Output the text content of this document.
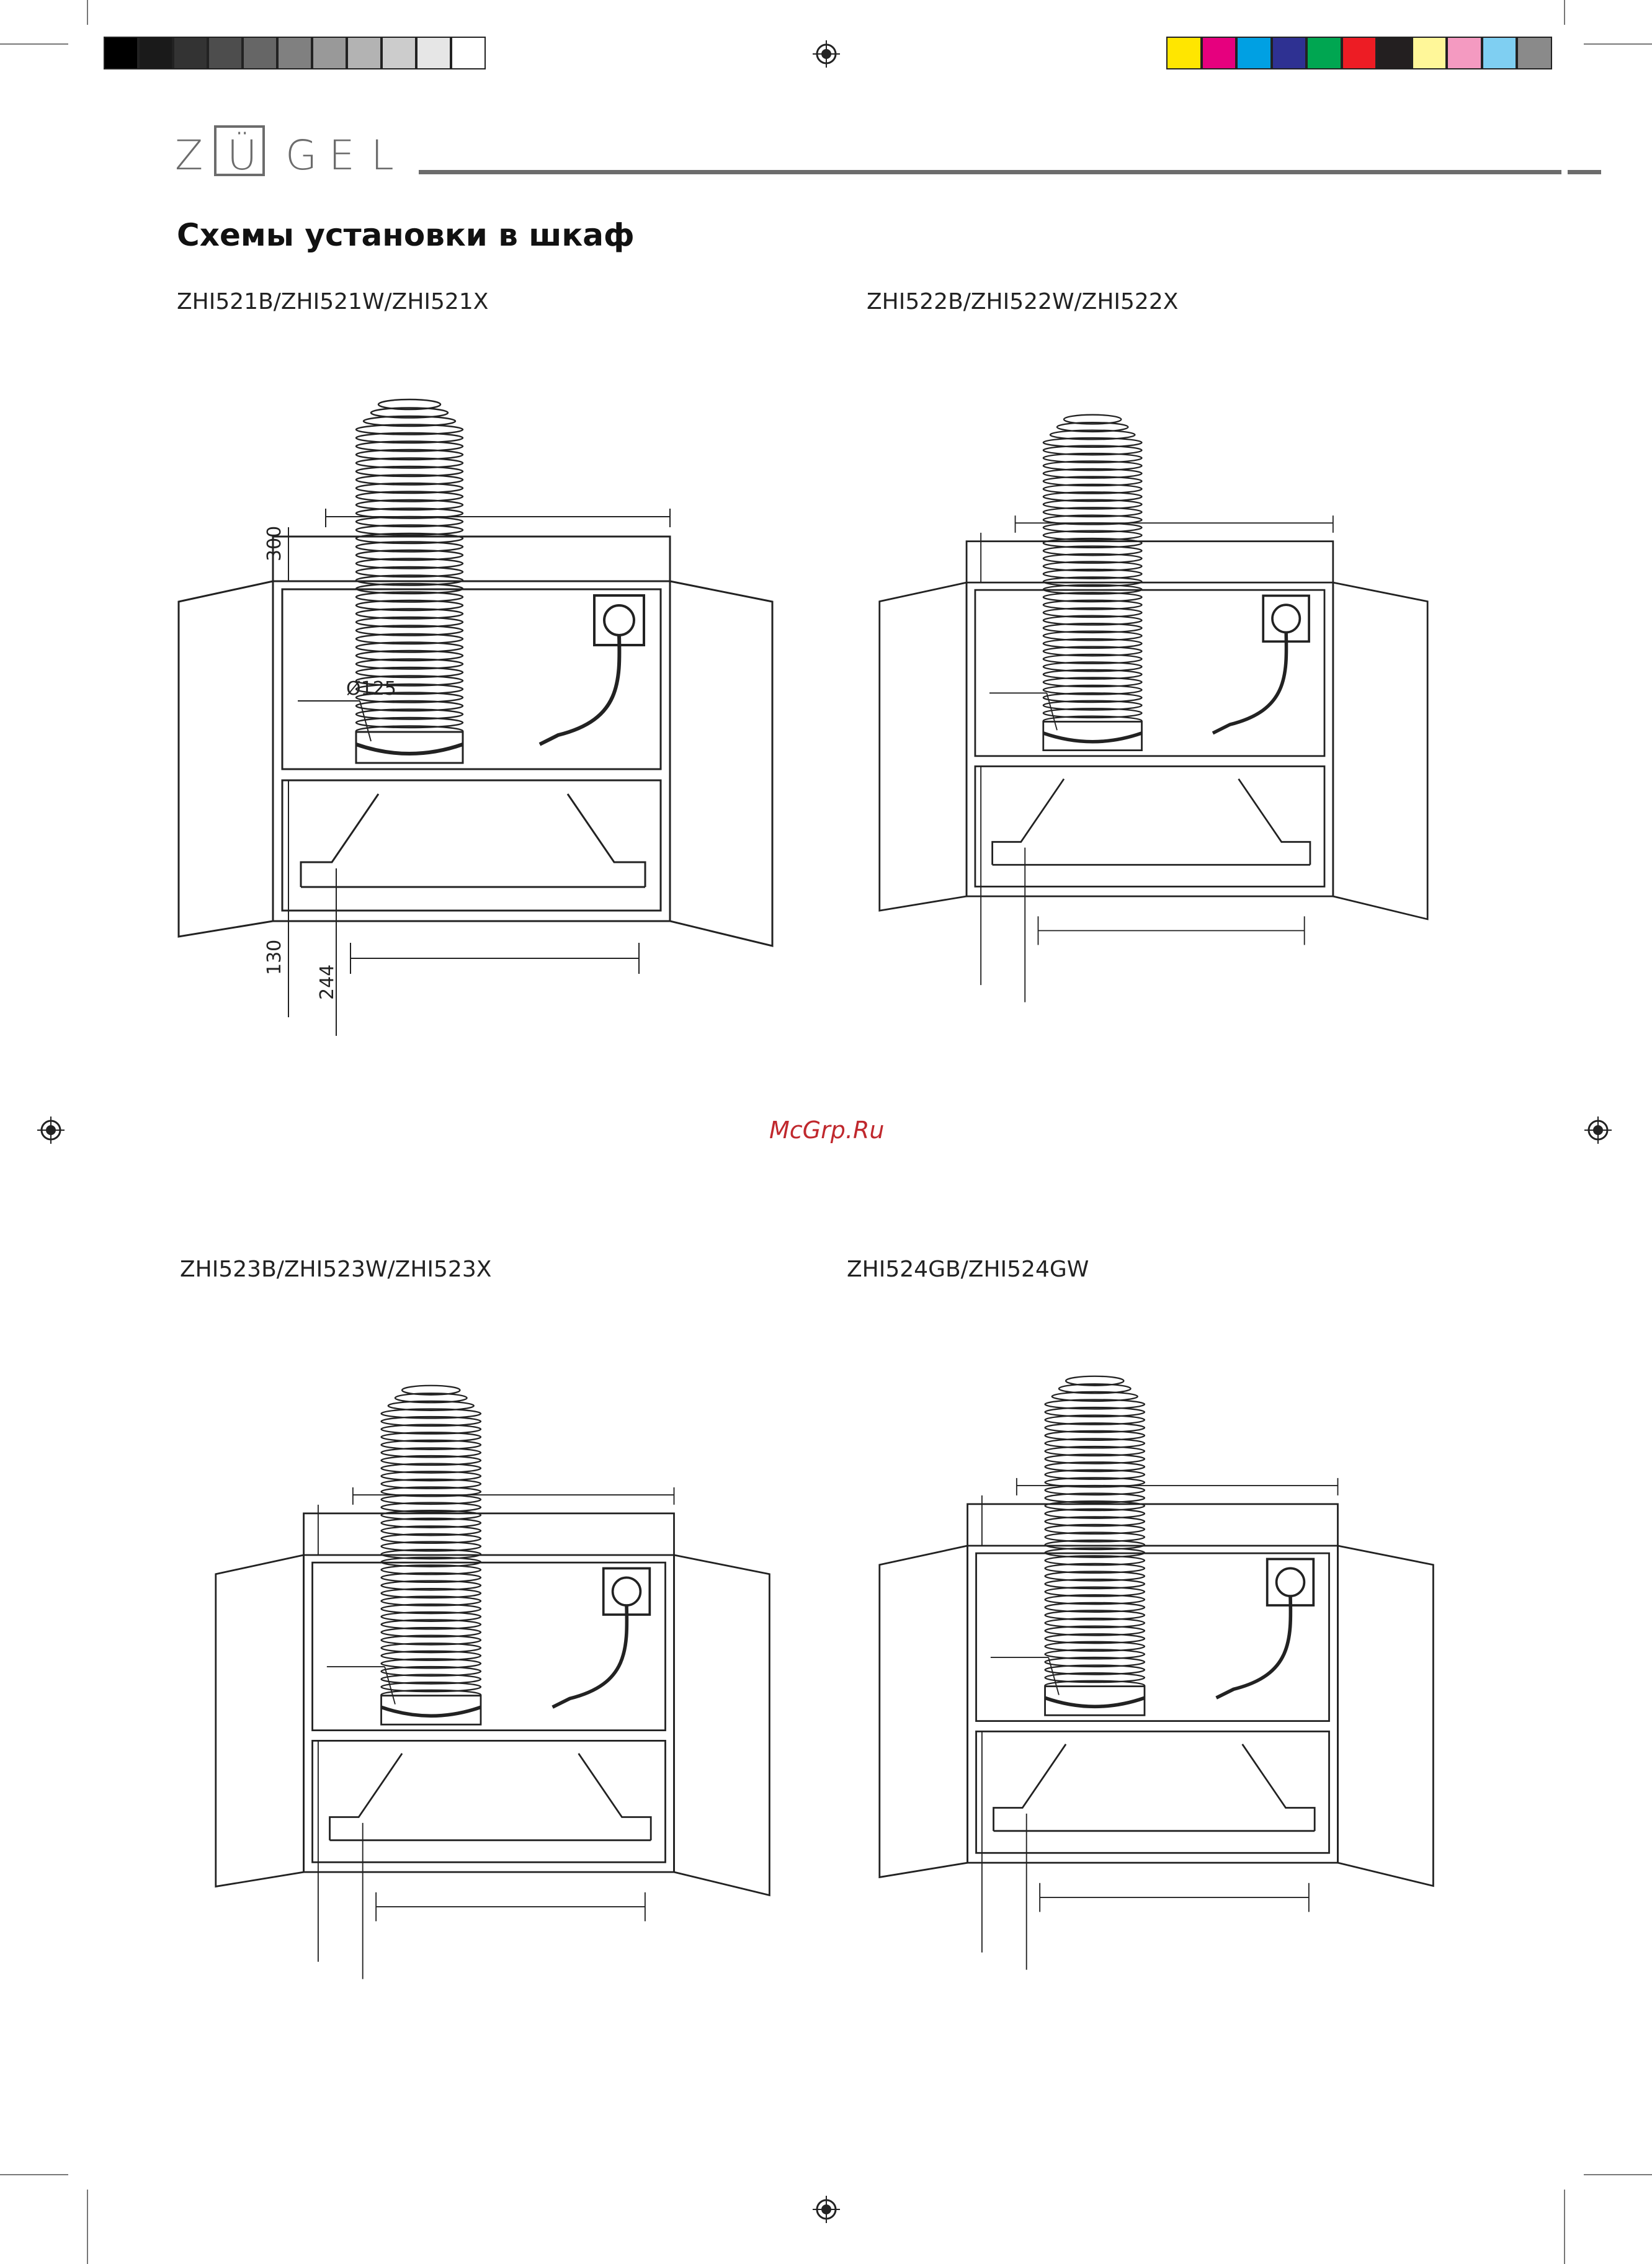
Z Ü G E L
Схемы установки в шкаф
ZHI521B/ZHI521W/ZHI521X	ZHI522B/ZHI522W/ZHI522X
ZHI523B/ZHI523W/ZHI523X	ZHI524GB/ZHI524GW
300
Ø125
130
244
McGrp.Ru
